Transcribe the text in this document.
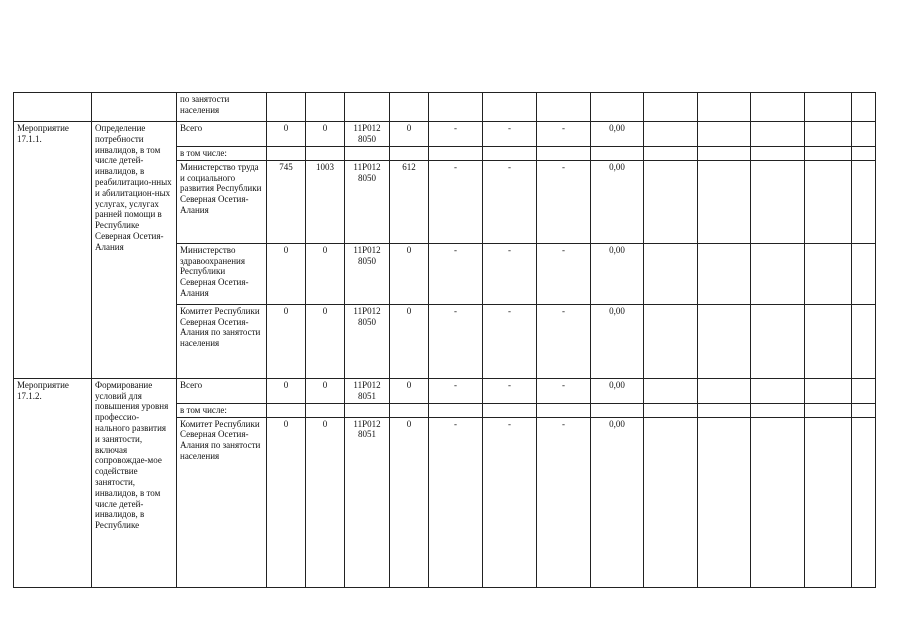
		по занятости населения													
Мероприятие 17.1.1.	Определение потребности инвалидов, в том числе детей-инвалидов, в реабилитацио-нных и абилитацион-ных услугах, услугах ранней помощи в Республике Северная Осетия-Алания	Всего	0	0	11Р012 8050	0	-	-	-	0,00					
		в том числе:													
		Министерство труда и социального развития Республики Северная Осетия-Алания	745	1003	11Р012 8050	612	-	-	-	0,00					
		Министерство здравоохранения Республики Северная Осетия-Алания	0	0	11Р012 8050	0	-	-	-	0,00					
		Комитет Республики Северная Осетия-Алания по занятости населения	0	0	11Р012 8050	0	-	-	-	0,00					
Мероприятие 17.1.2.	Формирование условий для повышения уровня профессио-нального развития и занятости, включая сопровождае-мое содействие занятости, инвалидов, в том числе детей-инвалидов, в Республике	Всего	0	0	11Р012 8051	0	-	-	-	0,00					
		в том числе:													
		Комитет Республики Северная Осетия-Алания по занятости населения	0	0	11Р012 8051	0	-	-	-	0,00					
